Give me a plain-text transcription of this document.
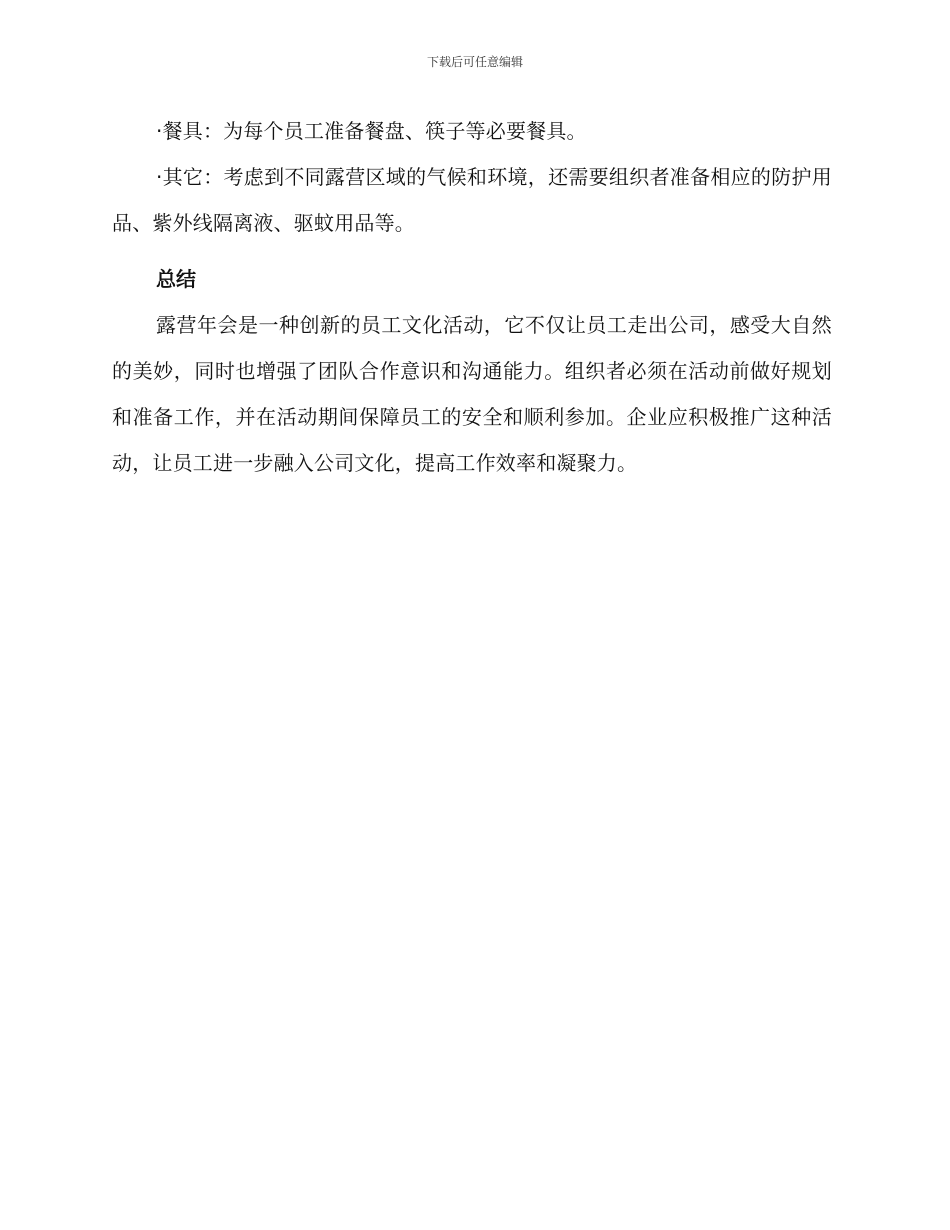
下载后可任意编辑

·餐具：为每个员工准备餐盘、筷子等必要餐具。

·其它：考虑到不同露营区域的气候和环境，还需要组织者准备相应的防护用品、紫外线隔离液、驱蚊用品等。

总结

露营年会是一种创新的员工文化活动，它不仅让员工走出公司，感受大自然的美妙，同时也增强了团队合作意识和沟通能力。组织者必须在活动前做好规划和准备工作，并在活动期间保障员工的安全和顺利参加。企业应积极推广这种活动，让员工进一步融入公司文化，提高工作效率和凝聚力。
